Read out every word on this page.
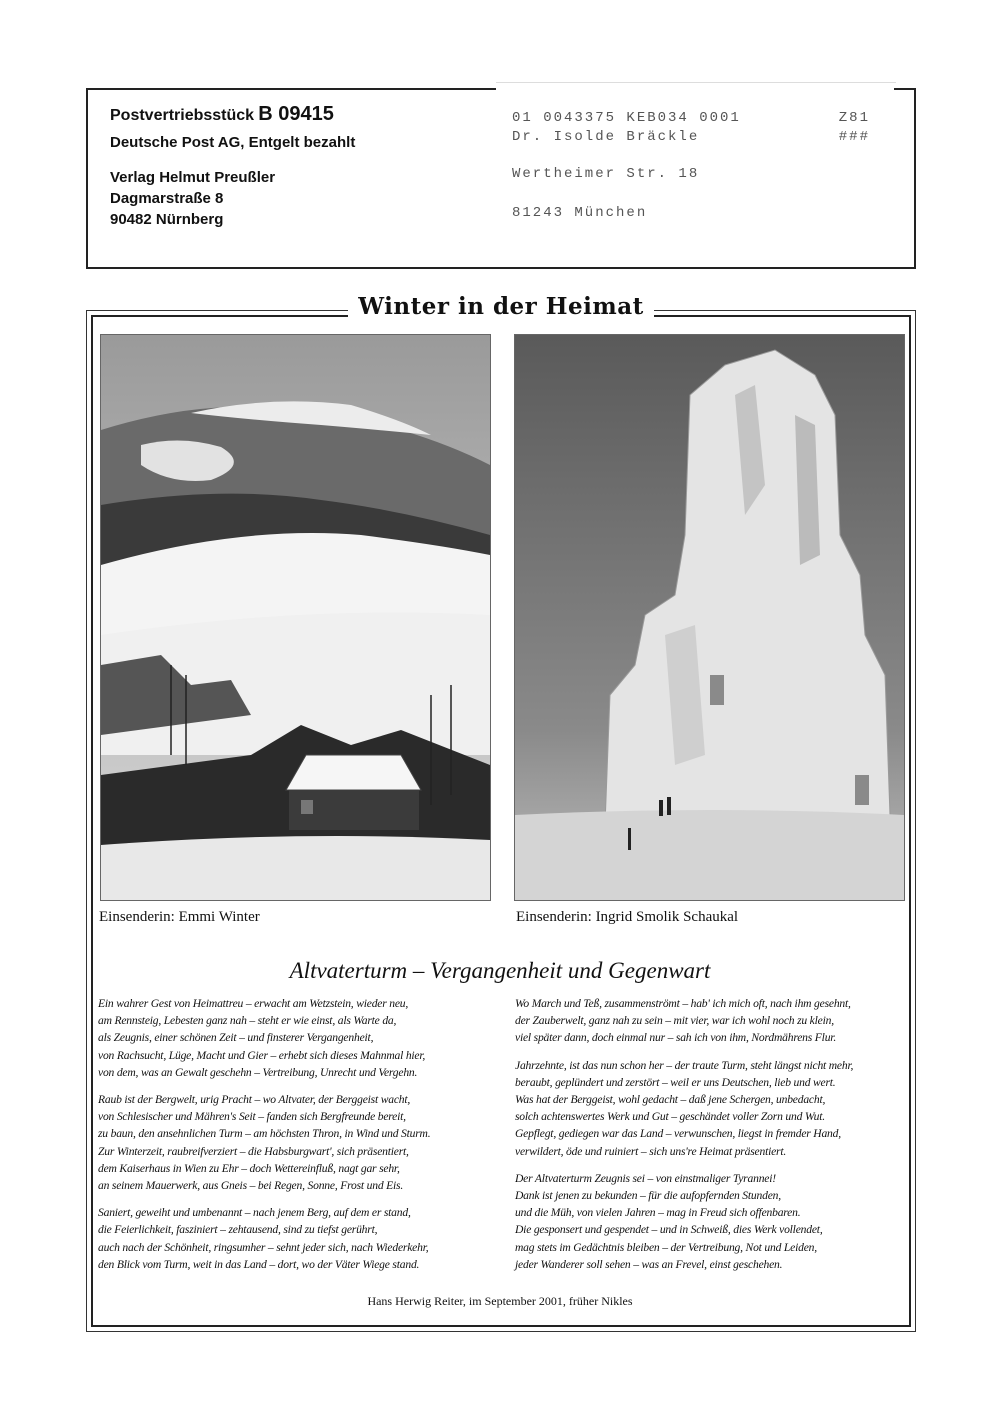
Postvertriebsstück B 09415
Deutsche Post AG, Entgelt bezahlt
Verlag Helmut Preußler
Dagmarstraße 8
90482 Nürnberg
01 0043375 KEB034 0001
Dr. Isolde Bräckle
Wertheimer Str. 18
81243 München
Z81
###
Winter in der Heimat
Einsenderin: Emmi Winter	Einsenderin: Ingrid Smolik Schaukal
Altvaterturm – Vergangenheit und Gegenwart
Ein wahrer Gest von Heimattreu – erwacht am Wetzstein, wieder neu,
am Rennsteig, Lebesten ganz nah – steht er wie einst, als Warte da,
als Zeugnis, einer schönen Zeit – und finsterer Vergangenheit,
von Rachsucht, Lüge, Macht und Gier – erhebt sich dieses Mahnmal hier,
von dem, was an Gewalt geschehn – Vertreibung, Unrecht und Vergehn.
Raub ist der Bergwelt, urig Pracht – wo Altvater, der Berggeist wacht,
von Schlesischer und Mähren's Seit – fanden sich Bergfreunde bereit,
zu baun, den ansehnlichen Turm – am höchsten Thron, in Wind und Sturm.
Zur Winterzeit, raubreifverziert – die Habsburgwart', sich präsentiert,
dem Kaiserhaus in Wien zu Ehr – doch Wettereinfluß, nagt gar sehr,
an seinem Mauerwerk, aus Gneis – bei Regen, Sonne, Frost und Eis.
Saniert, geweiht und umbenannt – nach jenem Berg, auf dem er stand,
die Feierlichkeit, fasziniert – zehtausend, sind zu tiefst gerührt,
auch nach der Schönheit, ringsumher – sehnt jeder sich, nach Wiederkehr,
den Blick vom Turm, weit in das Land – dort, wo der Väter Wiege stand.
Wo March und Teß, zusammenströmt – hab' ich mich oft, nach ihm gesehnt,
der Zauberwelt, ganz nah zu sein – mit vier, war ich wohl noch zu klein,
viel später dann, doch einmal nur – sah ich von ihm, Nordmährens Flur.
Jahrzehnte, ist das nun schon her – der traute Turm, steht längst nicht mehr,
beraubt, geplündert und zerstört – weil er uns Deutschen, lieb und wert.
Was hat der Berggeist, wohl gedacht – daß jene Schergen, unbedacht,
solch achtenswertes Werk und Gut – geschändet voller Zorn und Wut.
Gepflegt, gediegen war das Land – verwunschen, liegst in fremder Hand,
verwildert, öde und ruiniert – sich uns're Heimat präsentiert.
Der Altvaterturm Zeugnis sei – von einstmaliger Tyrannei!
Dank ist jenen zu bekunden – für die aufopfernden Stunden,
und die Müh, von vielen Jahren – mag in Freud sich offenbaren.
Die gesponsert und gespendet – und in Schweiß, dies Werk vollendet,
mag stets im Gedächtnis bleiben – der Vertreibung, Not und Leiden,
jeder Wanderer soll sehen – was an Frevel, einst geschehen.
Hans Herwig Reiter, im September 2001, früher Nikles
